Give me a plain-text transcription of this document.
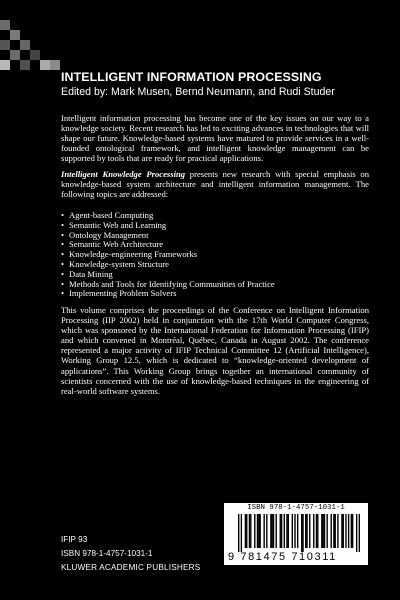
INTELLIGENT INFORMATION PROCESSING
Edited by: Mark Musen, Bernd Neumann, and Rudi Studer

Intelligent information processing has become one of the key issues on our way to a knowledge society. Recent research has led to exciting advances in technologies that will shape our future. Knowledge-based systems have matured to provide services in a well-founded ontological framework, and intelligent knowledge management can be supported by tools that are ready for practical applications.

Intelligent Knowledge Processing presents new research with special emphasis on knowledge-based system architecture and intelligent information management. The following topics are addressed:

• Agent-based Computing
• Semantic Web and Learning
• Ontology Management
• Semantic Web Architecture
• Knowledge-engineering Frameworks
• Knowledge-system Structure
• Data Mining
• Methods and Tools for Identifying Communities of Practice
• Implementing Problem Solvers

This volume comprises the proceedings of the Conference on Intelligent Information Processing (IIP 2002) held in conjunction with the 17th World Computer Congress, which was sponsored by the International Federation for Information Processing (IFIP) and which convened in Montréal, Québec, Canada in August 2002. The conference represented a major activity of IFIP Technical Committee 12 (Artificial Intelligence), Working Group 12.5, which is dedicated to “knowledge-oriented development of applications”. This Working Group brings together an international community of scientists concerned with the use of knowledge-based techniques in the engineering of real-world software systems.

IFIP 93
ISBN 978-1-4757-1031-1
KLUWER ACADEMIC PUBLISHERS
ISBN 978-1-4757-1031-1
9 781475 710311
